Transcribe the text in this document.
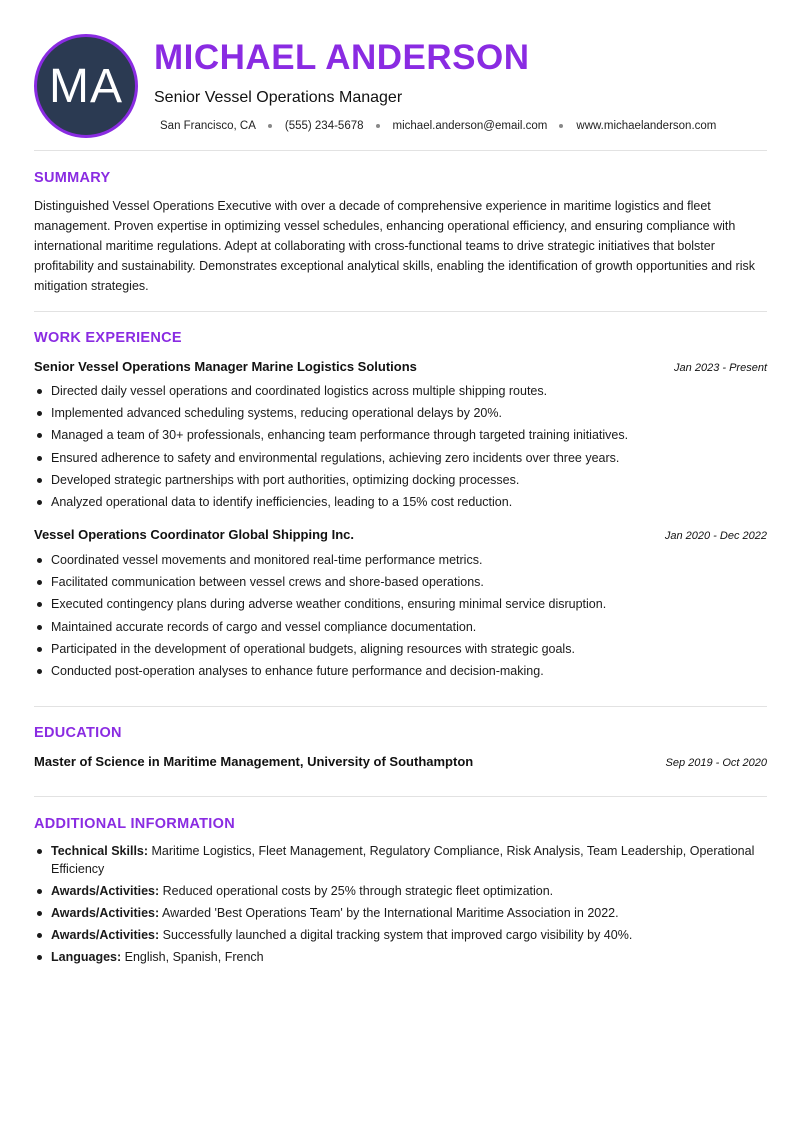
MA
MICHAEL ANDERSON
Senior Vessel Operations Manager
San Francisco, CA	(555) 234-5678	michael.anderson@email.com	www.michaelanderson.com
SUMMARY

Distinguished Vessel Operations Executive with over a decade of comprehensive experience in maritime logistics and fleet management. Proven expertise in optimizing vessel schedules, enhancing operational efficiency, and ensuring compliance with international maritime regulations. Adept at collaborating with cross-functional teams to drive strategic initiatives that bolster profitability and sustainability. Demonstrates exceptional analytical skills, enabling the identification of growth opportunities and risk mitigation strategies.

WORK EXPERIENCE
Senior Vessel Operations Manager Marine Logistics Solutions	Jan 2023 - Present
Directed daily vessel operations and coordinated logistics across multiple shipping routes.
Implemented advanced scheduling systems, reducing operational delays by 20%.
Managed a team of 30+ professionals, enhancing team performance through targeted training initiatives.
Ensured adherence to safety and environmental regulations, achieving zero incidents over three years.
Developed strategic partnerships with port authorities, optimizing docking processes.
Analyzed operational data to identify inefficiencies, leading to a 15% cost reduction.
Vessel Operations Coordinator Global Shipping Inc.	Jan 2020 - Dec 2022
Coordinated vessel movements and monitored real-time performance metrics.
Facilitated communication between vessel crews and shore-based operations.
Executed contingency plans during adverse weather conditions, ensuring minimal service disruption.
Maintained accurate records of cargo and vessel compliance documentation.
Participated in the development of operational budgets, aligning resources with strategic goals.
Conducted post-operation analyses to enhance future performance and decision-making.
EDUCATION
Master of Science in Maritime Management, University of Southampton	Sep 2019 - Oct 2020
ADDITIONAL INFORMATION
Technical Skills: Maritime Logistics, Fleet Management, Regulatory Compliance, Risk Analysis, Team Leadership, Operational Efficiency
Awards/Activities: Reduced operational costs by 25% through strategic fleet optimization.
Awards/Activities: Awarded 'Best Operations Team' by the International Maritime Association in 2022.
Awards/Activities: Successfully launched a digital tracking system that improved cargo visibility by 40%.
Languages: English, Spanish, French
